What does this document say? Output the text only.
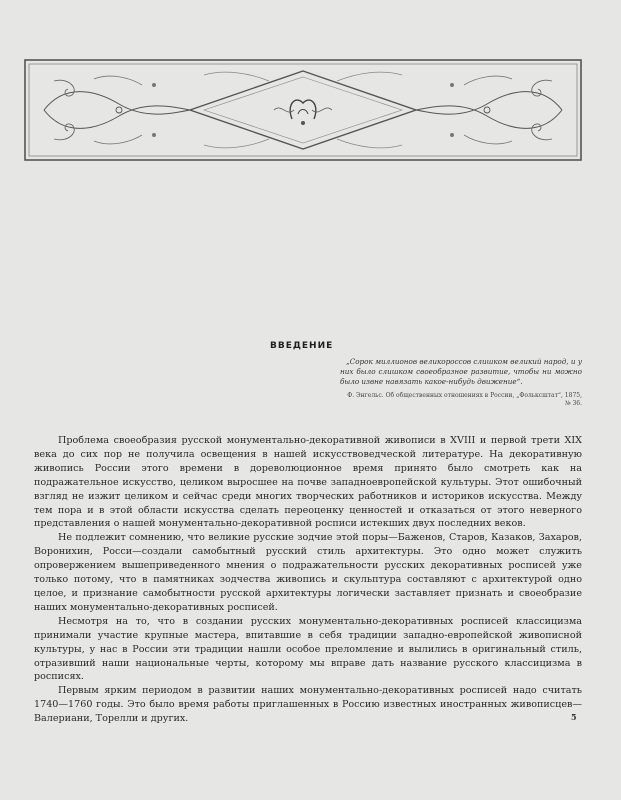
ВВЕДЕНИЕ

„Сорок миллионов великороссов слишком великий народ, и у них было слишком своеобразное развитие, чтобы ни можно было извне навязать какое-нибудь движение“.

Ф. Энгельс. Об общественных отношениях в России, „Фольксштат“, 1875, № 36.

Проблема своеобразия русской монументально-декоративной живописи в XVIII и первой трети XIX века до сих пор не получила освещения в нашей искусствоведческой литературе. На декоративную живопись России этого времени в дореволюционное время принято было смотреть как на подражательное искусство, целиком выросшее на почве западноевропейской культуры. Этот ошибочный взгляд не изжит целиком и сейчас среди многих творческих работников и историков искусства. Между тем пора и в этой области искусства сделать переоценку ценностей и отказаться от этого неверного представления о нашей монументально-декоративной росписи истекших двух последних веков.

Не подлежит сомнению, что великие русские зодчие этой поры—Баженов, Старов, Казаков, Захаров, Воронихин, Росси—создали самобытный русский стиль архитектуры. Это одно может служить опровержением вышеприведенного мнения о подражательности русских декоративных росписей уже только потому, что в памятниках зодчества живопись и скульптура составляют с архитектурой одно целое, и признание самобытности русской архитектуры логически заставляет признать и своеобразие наших монументально-декоративных росписей.

Несмотря на то, что в создании русских монументально-декоративных росписей классицизма принимали участие крупные мастера, впитавшие в себя традиции западно-европейской живописной культуры, у нас в России эти традиции нашли особое преломление и вылились в оригинальный стиль, отразивший наши национальные черты, которому мы вправе дать название русского классицизма в росписях.

Первым ярким периодом в развитии наших монументально-декоративных росписей надо считать 1740—1760 годы. Это было время работы приглашенных в Россию известных иностранных живописцев—Валериани, Торелли и других.	5
